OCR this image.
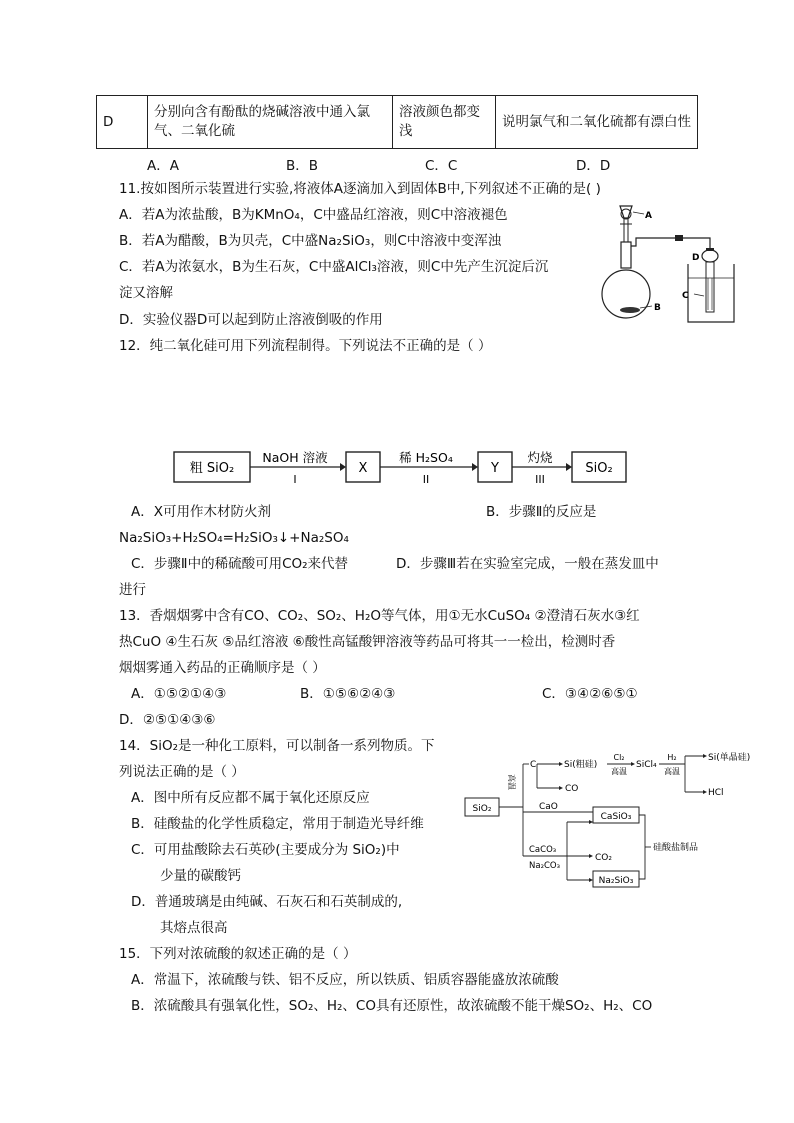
D	分别向含有酚酞的烧碱溶液中通入氯气、二氧化硫	溶液颜色都变浅	说明氯气和二氧化硫都有漂白性
A．A	B．B	C．C	D．D
11.按如图所示装置进行实验,将液体A逐滴加入到固体B中,下列叙述不正确的是( )
A．若A为浓盐酸，B为KMnO₄，C中盛品红溶液，则C中溶液褪色
B．若A为醋酸，B为贝壳，C中盛Na₂SiO₃，则C中溶液中变浑浊
C．若A为浓氨水，B为生石灰，C中盛AlCl₃溶液，则C中先产生沉淀后沉
淀又溶解
D．实验仪器D可以起到防止溶液倒吸的作用
A
B
D
C
12．纯二氧化硅可用下列流程制得。下列说法不正确的是（ ）
粗 SiO₂
NaOH 溶液
I
X
稀 H₂SO₄
II
Y
灼烧
III
SiO₂
A．X可用作木材防火剂	B．步骤Ⅱ的反应是
Na₂SiO₃+H₂SO₄=H₂SiO₃↓+Na₂SO₄
C．步骤Ⅱ中的稀硫酸可用CO₂来代替	D．步骤Ⅲ若在实验室完成，一般在蒸发皿中
进行
13．香烟烟雾中含有CO、CO₂、SO₂、H₂O等气体，用①无水CuSO₄ ②澄清石灰水③红
热CuO ④生石灰 ⑤品红溶液 ⑥酸性高锰酸钾溶液等药品可将其一一检出，检测时香
烟烟雾通入药品的正确顺序是（ ）
A．①⑤②①④③	B．①⑤⑥②④③	C．③④②⑥⑤①
D．②⑤①④③⑥
14．SiO₂是一种化工原料，可以制备一系列物质。下
列说法正确的是（ ）
A．图中所有反应都不属于氧化还原反应
B．硅酸盐的化学性质稳定，常用于制造光导纤维
C．可用盐酸除去石英砂(主要成分为 SiO₂)中
少量的碳酸钙
D．普通玻璃是由纯碱、石灰石和石英制成的,
其熔点很高
SiO₂
高温
C	Si(粗硅)
CO
Cl₂
高温
SiCl₄
H₂
高温
Si(单晶硅)
HCl
CaO
CaSiO₃
CaCO₃
Na₂CO₃
CO₂
Na₂SiO₃
硅酸盐制品
15．下列对浓硫酸的叙述正确的是（ ）
A．常温下，浓硫酸与铁、铝不反应，所以铁质、铝质容器能盛放浓硫酸
B．浓硫酸具有强氧化性，SO₂、H₂、CO具有还原性，故浓硫酸不能干燥SO₂、H₂、CO
